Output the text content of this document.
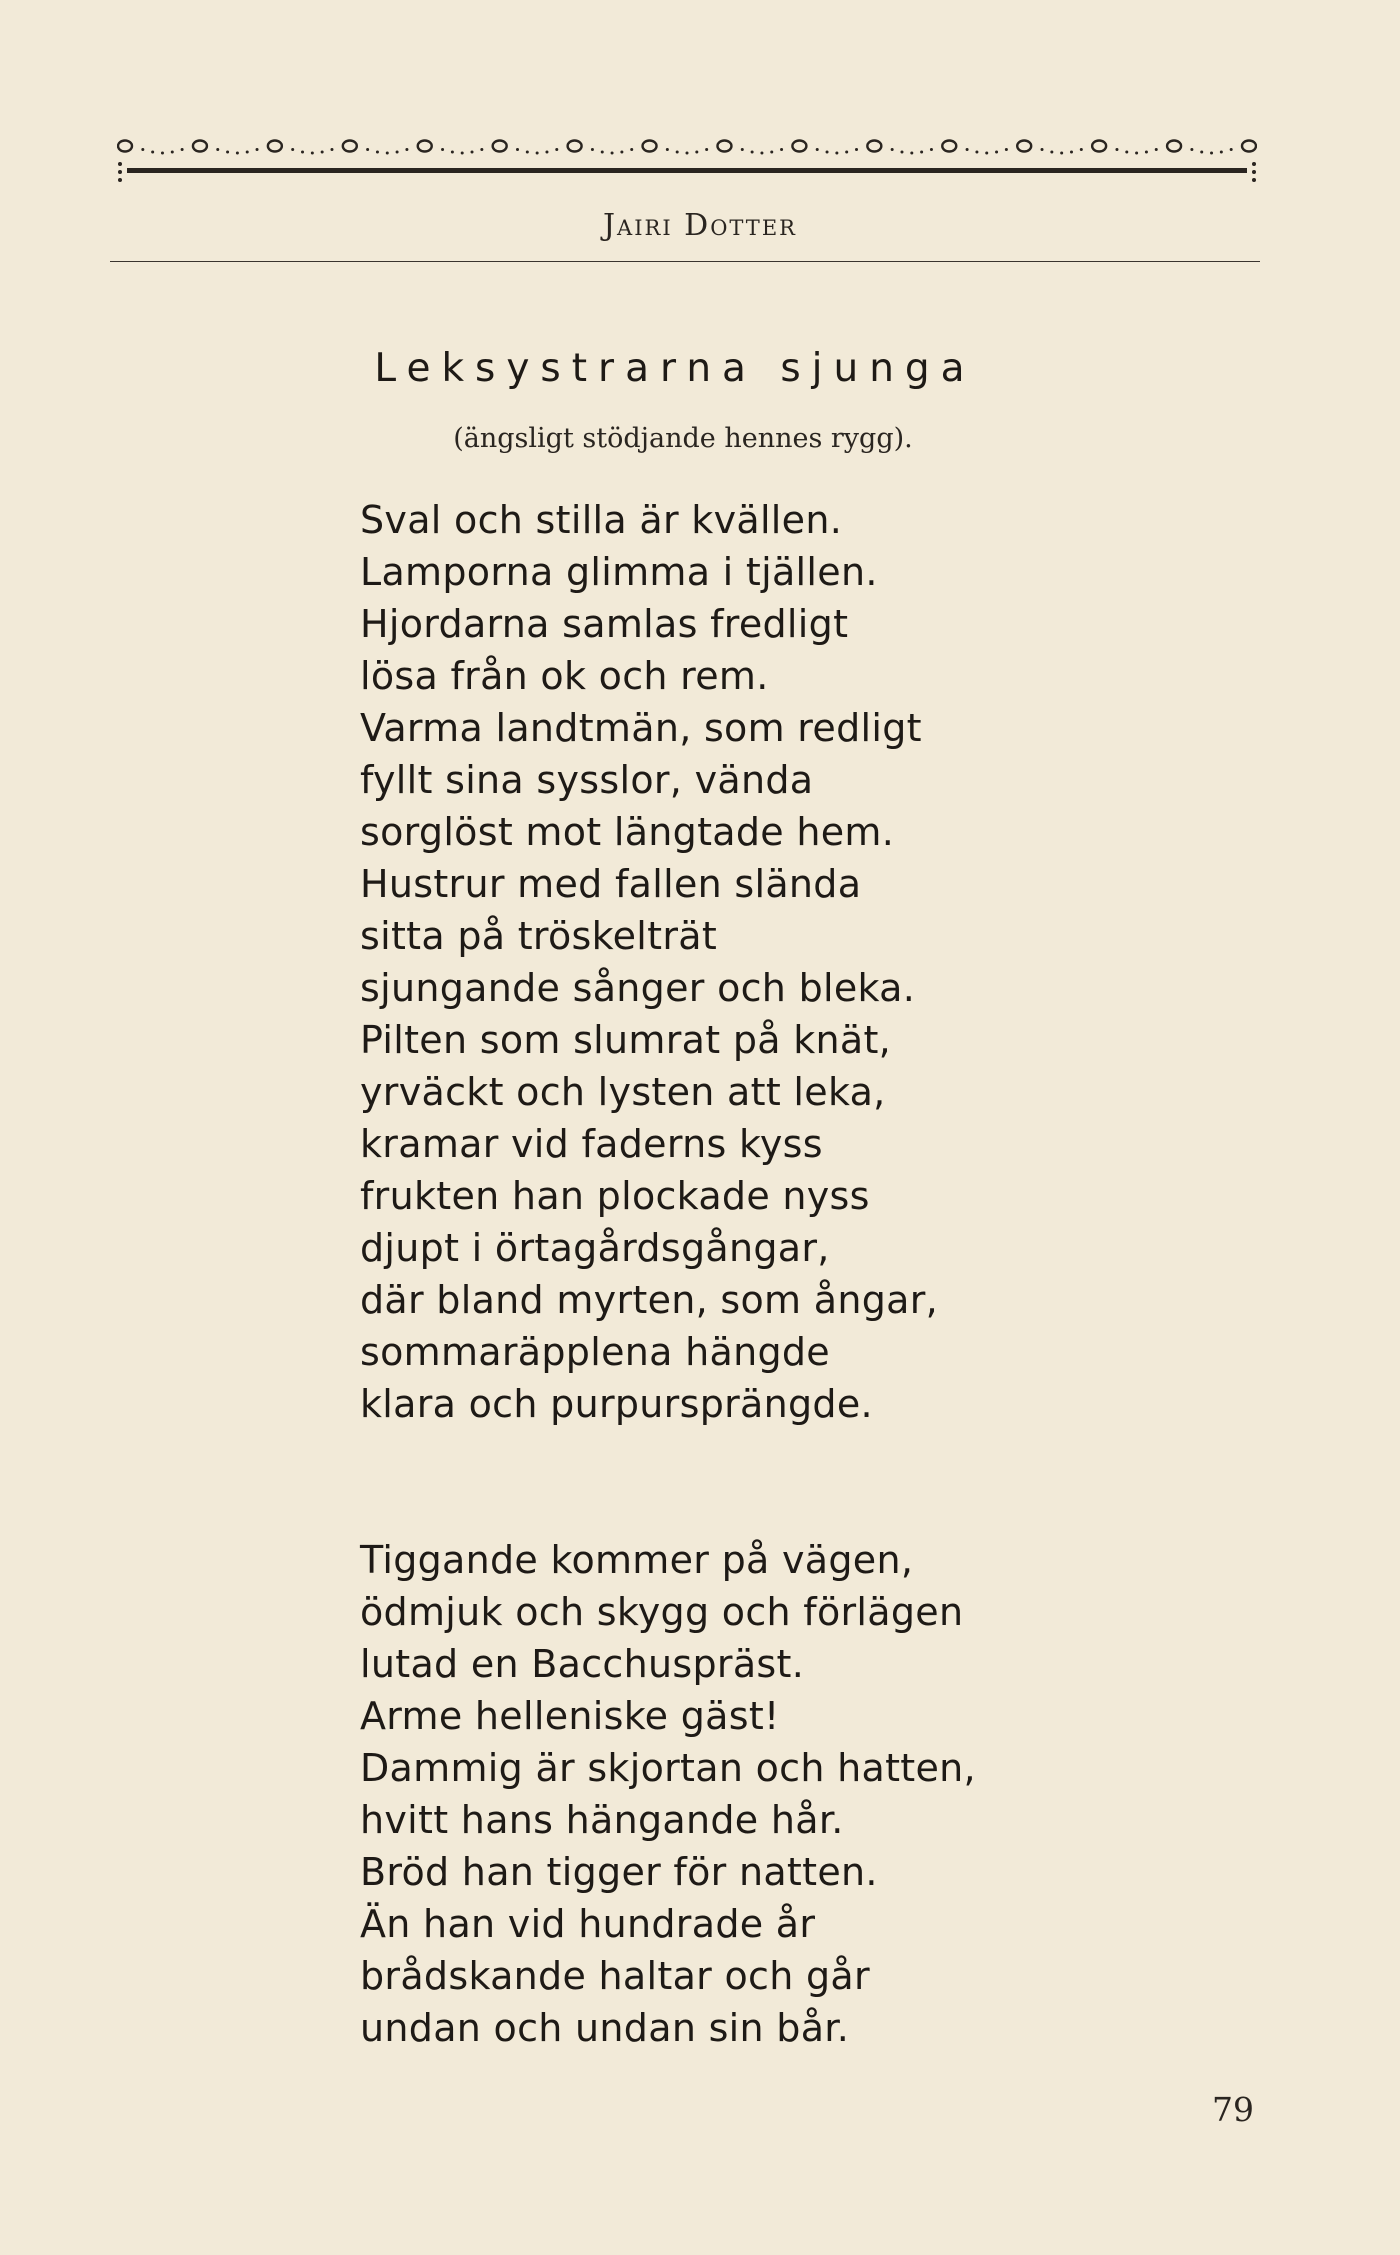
Jairi Dotter
Leksystrarna sjunga
(ängsligt stödjande hennes rygg).
Sval och stilla är kvällen.
Lamporna glimma i tjällen.
Hjordarna samlas fredligt
lösa från ok och rem.
Varma landtmän, som redligt
fyllt sina sysslor, vända
sorglöst mot längtade hem.
Hustrur med fallen slända
sitta på tröskelträt
sjungande sånger och bleka.
Pilten som slumrat på knät,
yrväckt och lysten att leka,
kramar vid faderns kyss
frukten han plockade nyss
djupt i örtagårdsgångar,
där bland myrten, som ångar,
sommaräpplena hängde
klara och purpursprängde.
Tiggande kommer på vägen,
ödmjuk och skygg och förlägen
lutad en Bacchuspräst.
Arme helleniske gäst!
Dammig är skjortan och hatten,
hvitt hans hängande hår.
Bröd han tigger för natten.
Än han vid hundrade år
brådskande haltar och går
undan och undan sin bår.
79
